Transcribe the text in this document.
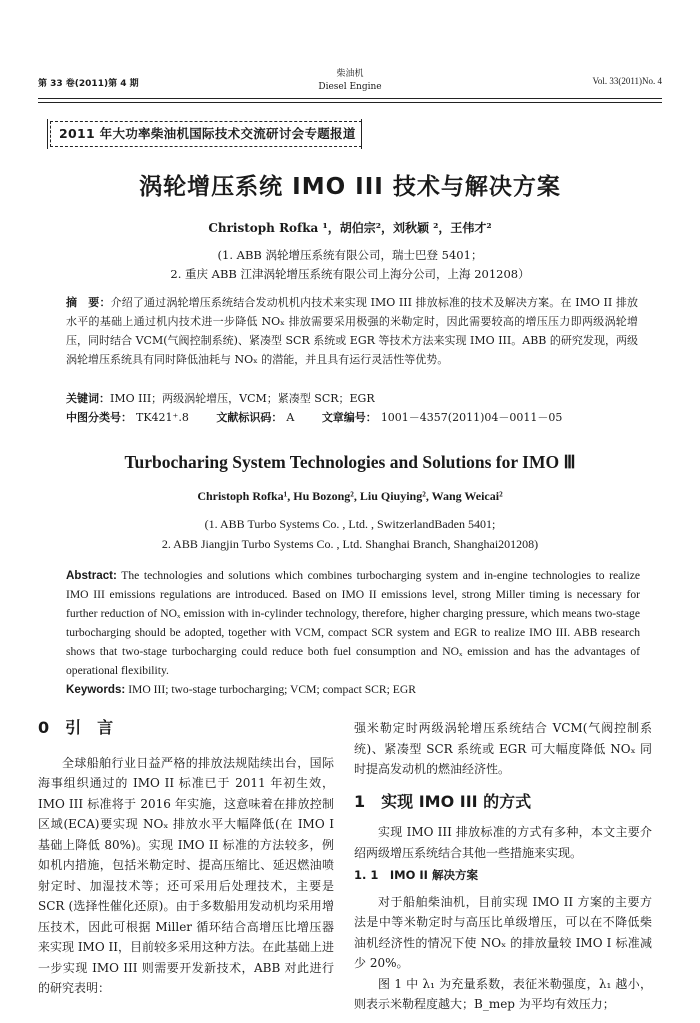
第 33 卷(2011)第 4 期
柴油机
Diesel Engine
Vol. 33(2011)No. 4
2011 年大功率柴油机国际技术交流研讨会专题报道
涡轮增压系统 IMO III 技术与解决方案
Christoph Rofka ¹，胡伯宗²，刘秋颖 ²，王伟才²
(1. ABB 涡轮增压系统有限公司，瑞士巴登 5401；
2. 重庆 ABB 江津涡轮增压系统有限公司上海分公司，上海 201208）
摘　要：介绍了通过涡轮增压系统结合发动机机内技术来实现 IMO III 排放标准的技术及解决方案。在 IMO II 排放水平的基础上通过机内技术进一步降低 NOₓ 排放需要采用极强的米勒定时，因此需要较高的增压压力即两级涡轮增压，同时结合 VCM(气阀控制系统)、紧凑型 SCR 系统或 EGR 等技术方法来实现 IMO III。ABB 的研究发现，两级涡轮增压系统具有同时降低油耗与 NOₓ 的潜能，并且具有运行灵活性等优势。
关键词：IMO III；两级涡轮增压，VCM；紧凑型 SCR；EGR
中图分类号： TK421⁺.8	文献标识码： A	文章编号： 1001－4357(2011)04－0011－05
Turbocharing System Technologies and Solutions for IMO Ⅲ
Christoph Rofka¹, Hu Bozong², Liu Qiuying², Wang Weicai²
(1. ABB Turbo Systems Co. , Ltd. , SwitzerlandBaden 5401;
2. ABB Jiangjin Turbo Systems Co. , Ltd. Shanghai Branch, Shanghai201208)
Abstract: The technologies and solutions which combines turbocharging system and in-engine technologies to realize IMO III emissions regulations are introduced. Based on IMO II emissions level, strong Miller timing is necessary for further reduction of NOₓ emission with in-cylinder technology, therefore, higher charging pressure, which means two-stage turbocharging should be adopted, together with VCM, compact SCR system and EGR to realize IMO III. ABB research shows that two-stage turbocharging could reduce both fuel consumption and NOₓ emission and has the advantages of operational flexibility.
Keywords: IMO III; two-stage turbocharging; VCM; compact SCR; EGR
0　引　言

全球船舶行业日益严格的排放法规陆续出台，国际海事组织通过的 IMO II 标准已于 2011 年初生效，IMO III 标准将于 2016 年实施，这意味着在排放控制区域(ECA)要实现 NOₓ 排放水平大幅降低(在 IMO I 基础上降低 80%)。实现 IMO II 标准的方法较多，例如机内措施，包括米勒定时、提高压缩比、延迟燃油喷射定时、加湿技术等；还可采用后处理技术，主要是 SCR (选择性催化还原)。由于多数船用发动机均采用增压技术，因此可根据 Miller 循环结合高增压比增压器来实现 IMO II，目前较多采用这种方法。在此基础上进一步实现 IMO III 则需要开发新技术，ABB 对此进行的研究表明：

强米勒定时两级涡轮增压系统结合 VCM(气阀控制系统)、紧凑型 SCR 系统或 EGR 可大幅度降低 NOₓ 同时提高发动机的燃油经济性。

1　实现 IMO III 的方式

实现 IMO III 排放标准的方式有多种，本文主要介绍两级增压系统结合其他一些措施来实现。

1. 1　IMO II 解决方案

对于船舶柴油机，目前实现 IMO II 方案的主要方法是中等米勒定时与高压比单级增压，可以在不降低柴油机经济性的情况下使 NOₓ 的排放量较 IMO I 标准减少 20%。

图 1 中 λ₁ 为充量系数，表征米勒强度，λ₁ 越小，则表示米勒程度越大；B_mep 为平均有效压力；
